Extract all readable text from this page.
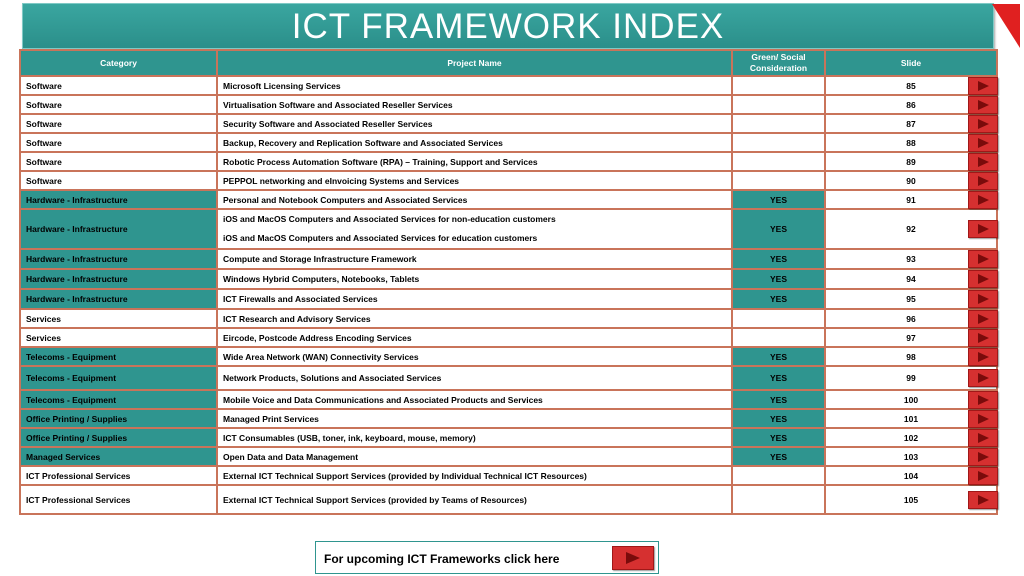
ICT FRAMEWORK INDEX
Category	Project Name	Green/ Social Consideration	Slide
Software	Microsoft Licensing Services		85

Software	Virtualisation Software and Associated Reseller Services		86

Software	Security Software and Associated Reseller Services		87

Software	Backup, Recovery and Replication Software and Associated Services		88

Software	Robotic Process Automation Software (RPA) – Training, Support and Services		89

Software	PEPPOL networking and eInvoicing Systems and Services		90

Hardware - Infrastructure	Personal and Notebook Computers and Associated Services	YES	91

Hardware - Infrastructure	iOS and MacOS Computers and Associated Services for non-education customers
iOS and MacOS Computers and Associated Services for education customers	YES	92

Hardware - Infrastructure	Compute and Storage Infrastructure Framework	YES	93

Hardware - Infrastructure	Windows Hybrid Computers, Notebooks, Tablets	YES	94

Hardware - Infrastructure	ICT Firewalls and Associated Services	YES	95

Services	ICT Research and Advisory Services		96

Services	Eircode, Postcode Address Encoding Services		97

Telecoms - Equipment	Wide Area Network (WAN) Connectivity Services	YES	98

Telecoms - Equipment	Network Products, Solutions and Associated Services	YES	99

Telecoms - Equipment	Mobile Voice and Data Communications and Associated Products and Services	YES	100

Office Printing / Supplies	Managed Print Services	YES	101

Office Printing / Supplies	ICT Consumables (USB, toner, ink, keyboard, mouse, memory)	YES	102

Managed Services	Open Data and Data Management	YES	103

ICT Professional Services	External ICT Technical Support Services (provided by Individual Technical ICT Resources)		104

ICT Professional Services	External ICT Technical Support Services (provided by Teams of Resources)		105
For upcoming ICT Frameworks click here
